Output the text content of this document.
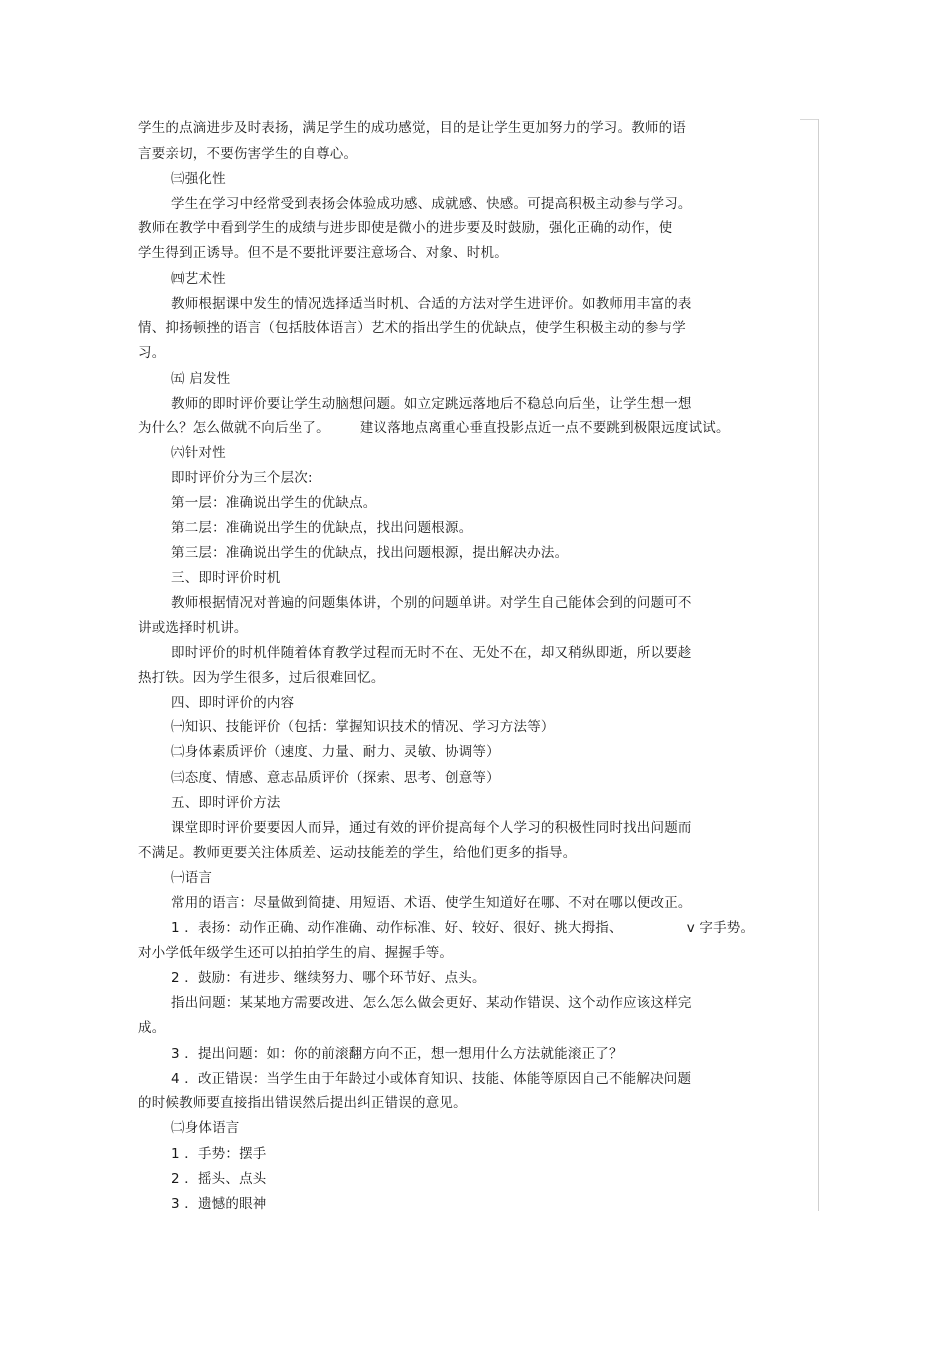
学生的点滴进步及时表扬，满足学生的成功感觉，目的是让学生更加努力的学习。教师的语
言要亲切，不要伤害学生的自尊心。
㈢强化性
学生在学习中经常受到表扬会体验成功感、成就感、快感。可提高积极主动参与学习。
教师在教学中看到学生的成绩与进步即使是微小的进步要及时鼓励，强化正确的动作，使
学生得到正诱导。但不是不要批评要注意场合、对象、时机。
㈣艺术性
教师根据课中发生的情况选择适当时机、合适的方法对学生进评价。如教师用丰富的表
情、抑扬顿挫的语言（包括肢体语言）艺术的指出学生的优缺点，使学生积极主动的参与学
习。
㈤ 启发性
教师的即时评价要让学生动脑想问题。如立定跳远落地后不稳总向后坐，让学生想一想
为什么？怎么做就不向后坐了。 建议落地点离重心垂直投影点近一点不要跳到极限远度试试。
㈥针对性
即时评价分为三个层次:
第一层：准确说出学生的优缺点。
第二层：准确说出学生的优缺点，找出问题根源。
第三层：准确说出学生的优缺点，找出问题根源，提出解决办法。
三、即时评价时机
教师根据情况对普遍的问题集体讲，个别的问题单讲。对学生自己能体会到的问题可不
讲或选择时机讲。
即时评价的时机伴随着体育教学过程而无时不在、无处不在，却又稍纵即逝，所以要趁
热打铁。因为学生很多，过后很难回忆。
四、即时评价的内容
㈠知识、技能评价（包括：掌握知识技术的情况、学习方法等）
㈡身体素质评价（速度、力量、耐力、灵敏、协调等）
㈢态度、情感、意志品质评价（探索、思考、创意等）
五、即时评价方法
课堂即时评价要要因人而异，通过有效的评价提高每个人学习的积极性同时找出问题而
不满足。教师更要关注体质差、运动技能差的学生，给他们更多的指导。
㈠语言
常用的语言：尽量做到简捷、用短语、术语、使学生知道好在哪、不对在哪以便改正。
1 ．表扬：动作正确、动作准确、动作标准、好、较好、很好、挑大拇指、	v 字手势。
对小学低年级学生还可以拍拍学生的肩、握握手等。
2 ．鼓励：有进步、继续努力、哪个环节好、点头。
指出问题：某某地方需要改进、怎么怎么做会更好、某动作错误、这个动作应该这样完
成。
3 ．提出问题：如：你的前滚翻方向不正，想一想用什么方法就能滚正了？
4 ．改正错误：当学生由于年龄过小或体育知识、技能、体能等原因自己不能解决问题
的时候教师要直接指出错误然后提出纠正错误的意见。
㈡身体语言
1 ．手势：摆手
2 ．摇头、点头
3 ．遗憾的眼神
